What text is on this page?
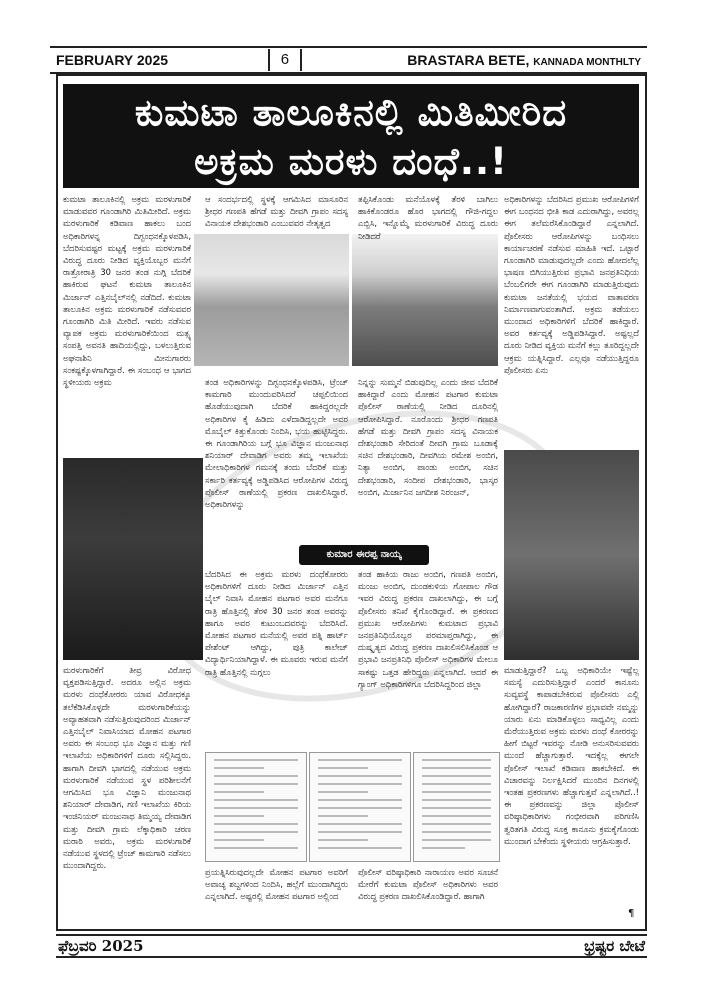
FEBRUARY 2025	6	BRASTARA BETE, KANNADA MONTHLTY
ಕುಮಟಾ ತಾಲೂಕಿನಲ್ಲಿ ಮಿತಿಮೀರಿದ
ಅಕ್ರಮ ಮರಳು ದಂಧೆ..!

ಕುಮಟಾ ತಾಲೂಕಿನಲ್ಲಿ ಅಕ್ರಮ ಮರಳುಗಾರಿಕೆ ಮಾಡುವವರ ಗೂಂಡಾಗಿರಿ ಮಿತಿಮೀರಿದೆ. ಅಕ್ರಮ ಮರಳುಗಾರಿಕೆ ಕಡಿವಾಣ ಹಾಕಲು ಬಂದ ಅಧಿಕಾರಿಗಳನ್ನ ದಿಗ್ಬಂಧನಕ್ಕೊಳಪಡಿಸಿ, ಬೆದರಿಸುವಷ್ಟರ ಮಟ್ಟಕ್ಕೆ ಅಕ್ರಮ ಮರಳುಗಾರಿಕೆ ವಿರುದ್ಧ ದೂರು ನೀಡಿದ ವ್ಯಕ್ತಿಯೊಬ್ಬರ ಮನೆಗೆ ರಾತ್ರೋರಾತ್ರಿ 30 ಜನರ ತಂಡ ನುಗ್ಗಿ ಬೆದರಿಕೆ ಹಾಕಿರುವ ಘಟನೆ ಕುಮಟಾ ತಾಲೂಕಿನ ಮಿರ್ಜಾನ್ ಎತ್ತಿನಬೈಲ್‌ನಲ್ಲಿ ನಡೆದಿದೆ. ಕುಮಟಾ ತಾಲೂಕಿನ ಅಕ್ರಮ ಮರಳುಗಾರಿಕೆ ನಡೆಸುವವರ ಗೂಂಡಾಗಿರಿ ಮಿತಿ ಮೀರಿದೆ. ಇವರು ನಡೆಸುವ ವ್ಯಾಪಕ ಅಕ್ರಮ ಮರಳುಗಾರಿಕೆಯಿಂದ ಮತ್ಸ್ಯ ಸಂಪತ್ತಿ ಅವನತಿ ಹಾದಿಯಲ್ಲಿದ್ದು, ಬಳಲುತ್ತಿರುವ ಅಘನಾಶಿನಿ ಮೀನುಗಾರರು ಸಂಕಷ್ಟಕ್ಕೊಳಗಾಗಿದ್ದಾರೆ. ಈ ಸಂಬಂಧ ಆ ಭಾಗದ ಸ್ಥಳೀಯರು ಅಕ್ರಮ

ಮರಳುಗಾರಿಕೆಗೆ ತೀವ್ರ ವಿರೋಧ ವ್ಯಕ್ತಪಡಿಸುತ್ತಿದ್ದಾರೆ. ಅದರೂ ಅಲ್ಲಿನ ಅಕ್ರಮ ಮರಳು ದಂಧೆಕೋರರು ಯಾವ ವಿರೋಧಕ್ಕೂ ತಲೆಕೆಡಿಸಿಕೊಳ್ಳದೇ ಮರಳುಗಾರಿಕೆಯನ್ನು ಅವ್ಯಾಹತವಾಗಿ ನಡೆಸುತ್ತಿರುವುದರಿಂದ ಮಿರ್ಜಾನ್ ಎತ್ತಿನಬೈಲ್ ನಿವಾಸಿಯಾದ ಮೋಹನ ಪಟಗಾರ ಅವರು ಈ ಸಂಬಂಧ ಭೂ ವಿಜ್ಞಾನ ಮತ್ತು ಗಣಿ ಇಲಾಖೆಯ ಅಧಿಕಾರಿಗಳಿಗೆ ದೂರು ಸಲ್ಲಿಸಿದ್ದರು. ಹಾಗಾಗಿ ದೀವಗಿ ಭಾಗದಲ್ಲಿ ನಡೆಯುವ ಅಕ್ರಮ ಮರಳುಗಾರಿಕೆ ನಡೆಯುವ ಸ್ಥಳ ಪರಿಶೀಲನೆಗೆ ಆಗಮಿಸಿದ ಭೂ ವಿಜ್ಞಾನಿ ಮಂಜುನಾಥ ಶನಿಯಾರ್ ದೇವಾಡಿಗ, ಗಣಿ ಇಲಾಖೆಯ ಕಿರಿಯ ಇಂಜಿನಿಯರ್ ಮಂಜುನಾಥ ತಿಮ್ಮಯ್ಯ ದೇವಾಡಿಗ ಮತ್ತು ದೀವಗಿ ಗ್ರಾಮ ಲೆಕ್ಕಾಧಿಕಾರಿ ಚರಣ ಮರಾಠಿ ಅವರು, ಅಕ್ರಮ ಮರಳುಗಾರಿಕೆ ನಡೆಯುವ ಸ್ಥಳದಲ್ಲಿ ಟ್ರೆಂಚ್ ಕಾಮಗಾರಿ ನಡೆಸಲು ಮುಂದಾಗಿದ್ದರು.

ಆ ಸಂದರ್ಭದಲ್ಲಿ ಸ್ಥಳಕ್ಕೆ ಆಗಮಿಸಿದ ಮಾಸೂರಿನ ಶ್ರೀಧರ ಗಣಪತಿ ಹೆಗಡೆ ಮತ್ತು ದೀವಗಿ ಗ್ರಾಪಂ ಸದಸ್ಯ ವಿನಾಯಕ ದೇಶಭಂಡಾರಿ ಎಂಬುವವರ ನೇತೃತ್ವದ

ತಂಡ ಅಧಿಕಾರಿಗಳನ್ನು ದಿಗ್ಬಂಧನಕ್ಕೊಳಪಡಿಸಿ, ಟ್ರೆಂಚ್ ಕಾಮಗಾರಿ ಮುಂದುವರಿಸಿದರೆ ಚಪ್ಪಲಿಯಿಂದ ಹೊಡೆಯುವುದಾಗಿ ಬೆದರಿಕೆ ಹಾಕಿದ್ದರಲ್ಲದೇ ಅಧಿಕಾರಿಗಳ ಕೈ ಹಿಡಿದು ಎಳೆದಾಡಿದ್ದಲ್ಲದೇ ಅವರ ಮೊಬೈಲ್ ಕಿತ್ತುಕೊಂಡು ನಿಂದಿಸಿ, ಭಯ ಹುಟ್ಟಿಸಿದ್ದರು. ಈ ಗೂಂಡಾಗಿರಿಯ ಬಗ್ಗೆ ಭೂ ವಿಜ್ಞಾನ ಮಂಜುನಾಥ ಶನಿಯಾರ್ ದೇವಾಡಿಗ ಅವರು ತಮ್ಮ ಇಲಾಖೆಯ ಮೇಲಾಧಿಕಾರಿಗಳ ಗಮನಕ್ಕೆ ತಂದು ಬೆದರಿಕೆ ಮತ್ತು ಸರ್ಕಾರಿ ಕರ್ತವ್ಯಕ್ಕೆ ಅಡ್ಡಿಪಡಿಸಿದ ಆರೋಪಿಗಳ ವಿರುದ್ಧ ಪೊಲೀಸ್ ಠಾಣೆಯಲ್ಲಿ ಪ್ರಕರಣ ದಾಖಲಿಸಿದ್ದಾರೆ. ಅಧಿಕಾರಿಗಳನ್ನು

ಬೆದರಿಸಿದ ಈ ಅಕ್ರಮ ಮರಳು ದಂಧೆಕೋರರು ಅಧಿಕಾರಿಗಳಿಗೆ ದೂರು ನೀಡಿದ ಮಿರ್ಜಾನ್ ಎತ್ತಿನ ಬೈಲ್ ನಿವಾಸಿ ಮೋಹನ ಪಟಗಾರ ಅವರ ಮನೆಗೂ ರಾತ್ರಿ ಹೊತ್ತಿನಲ್ಲಿ ತೆರಳಿ 30 ಜನರ ತಂಡ ಅವರನ್ನು ಹಾಗೂ ಅವರ ಕುಟುಂಬದವರನ್ನು ಬೆದರಿಸಿದೆ. ಮೋಹನ ಪಟಗಾರ ಮನೆಯಲ್ಲಿ ಅವರ ಪತ್ನಿ ಹಾರ್ಟ್ ಪೇಶೆಂಟ್ ಆಗಿದ್ದು, ಪುತ್ರಿ ಕಾಲೇಜ್ ವಿದ್ಯಾರ್ಥಿನಿಯಾಗಿದ್ದಾಳೆ. ಈ ಮೂವರು ಇರುವ ಮನೆಗೆ ರಾತ್ರಿ ಹೊತ್ತಿನಲ್ಲಿ ನುಗ್ಗಲು

ತಪ್ಪಿಸಿಕೊಂಡು ಮನೆಯೊಳಕ್ಕೆ ತೆರಳಿ ಬಾಗಿಲು ಹಾಕಿಕೊಂಡರೂ ಹೊರ ಭಾಗದಲ್ಲಿ ಗೌಜಿ-ಗದ್ದಲ ಎಬ್ಬಿಸಿ, ಇನ್ನೊಮ್ಮೆ ಮರಳುಗಾರಿಕೆ ವಿರುದ್ಧ ದೂರು ನೀಡಿದರೆ

ನಿನ್ನನ್ನು ಸುಮ್ಮನೆ ಬಿಡುವುದಿಲ್ಲ ಎಂದು ಜೀವ ಬೆದರಿಕೆ ಹಾಕಿದ್ದಾರೆ ಎಂದು ಮೋಹನ ಪಟಗಾರ ಕುಮಟಾ ಪೊಲೀಸ್ ಠಾಣೆಯಲ್ಲಿ ನೀಡಿದ ದೂರಿನಲ್ಲಿ ಆರೋಪಿಸಿದ್ದಾರೆ. ನೂರೊಂದು ಶ್ರೀಧರ ಗಣಪತಿ ಹೆಗಡೆ ಮತ್ತು ದೀವಗಿ ಗ್ರಾಪಂ ಸದಸ್ಯ ವಿನಾಯಕ ದೇಶಭಂಡಾರಿ ಸೇರಿದಂತೆ ದೀವಗಿ ಗ್ರಾಮ ಬೂಡಾಕ್ಕೆ ಸಚಿನ ದೇಶಭಂಡಾರಿ, ದೀವಗಿಯ ರಮೇಶ ಅಂಬಿಗ, ನಿತ್ಯಾ ಅಂಬಿಗ, ಪಾಂಡು ಅಂಬಿಗ, ಸಚಿನ ದೇಶಭಂಡಾರಿ, ಸಂದೀಪ ದೇಶಭಂಡಾರಿ, ಭಾಸ್ಕರ ಅಂಬಿಗ, ಮಿರ್ಜಾನಿನ ಜಗದೀಶ ನಿರಂಜನ್,

ತಂಡ ಹಾಕಿಯ ರಾಜು ಅಂಬಿಗ, ಗಣಪತಿ ಅಂಬಿಗ, ಮಂಜು ಅಂಬಿಗ, ದುಂಡಕುಳಿಯ ಗೋಪಾಲ ಗೌಡ ಇವರ ವಿರುದ್ಧ ಪ್ರಕರಣ ದಾಖಲಾಗಿದ್ದು, ಈ ಬಗ್ಗೆ ಪೊಲೀಸರು ತನಿಖೆ ಕೈಗೊಂಡಿದ್ದಾರೆ. ಈ ಪ್ರಕರಣದ ಪ್ರಮುಖ ಆರೋಪಿಗಳು ಕುಮಟಾದ ಪ್ರಭಾವಿ ಜನಪ್ರತಿನಿಧಿಯೊಬ್ಬರ ಪರಮಾಪ್ತರಾಗಿದ್ದು, ಈ ದುಷ್ಕೃತ್ಯದ ವಿರುದ್ಧ ಪ್ರಕರಣ ದಾಖಲಿಸಲಿಸಿಕೊಂಡ ಆ ಪ್ರಭಾವಿ ಜನಪ್ರತಿನಿಧಿ ಪೊಲೀಸ್ ಅಧಿಕಾರಿಗಳ ಮೇಲೂ ಸಾಕಷ್ಟು ಒತ್ತಡ ಹೇರಿದ್ದರು ಎನ್ನಲಾಗಿದೆ. ಆದರೆ ಈ ಗ್ಯಾಂಗ್ ಅಧಿಕಾರಿಗಳಿಗೂ ಬೆದರಿಸಿದ್ದರಿಂದ ಜಿಲ್ಲಾ

ಕುಮಾರ ಈರಪ್ಪ ನಾಯ್ಕ

ಅಧಿಕಾರಿಗಳನ್ನು ಬೆದರಿಸಿದ ಪ್ರಮುಖ ಆರೋಪಿಗಳಿಗೆ ಈಗ ಬಂಧನದ ಭೀತಿ ಕಾಡ ಎದುರಾಗಿದ್ದು, ಅವರಲ್ಲ ಈಗ ತಲೆಮರೆಸಿಕೊಂಡಿದ್ದಾರೆ ಎನ್ನಲಾಗಿದೆ. ಪೊಲೀಸರು ಆರೋಪಿಗಳನ್ನು ಬಂಧಿಸಲು ಕಾರ್ಯಾಚರಣೆ ನಡೆಸುವ ಮಾಹಿತಿ ಇದೆ. ಒಟ್ಟಾರೆ ಗೂಂಡಾಗಿರಿ ಮಾಡುವುದಲ್ಲದೇ ಎಂದು ಹೋದಲೆಲ್ಲ ಭಾಷಣ ಬಿಗಿಯುತ್ತಿರುವ ಪ್ರಭಾವಿ ಜನಪ್ರತಿನಿಧಿಯ ಬೆಂಬಲಿಗರೇ ಈಗ ಗೂಂಡಾಗಿರಿ ಮಾಡುತ್ತಿರುವುದು ಕುಮಟಾ ಜನತೆಯಲ್ಲಿ ಭಯದ ವಾತಾವರಣ ನಿರ್ಮಾಣವಾಗುವಂತಾಗಿದೆ. ಅಕ್ರಮ ತಡೆಯಲು ಮುಂದಾದ ಅಧಿಕಾರಿಗಳಿಗೆ ಬೆದರಿಕೆ ಹಾಕಿದ್ದಾರೆ. ಅವರ ಕರ್ತವ್ಯಕ್ಕೆ ಅಡ್ಡಿಪಡಿಸಿದ್ದಾರೆ. ಅಷ್ಟಲ್ಲದೆ ದೂರು ನೀಡಿದ ವ್ಯಕ್ತಿಯ ಮನೆಗೆ ಕಲ್ಲು ತೂರಿದ್ದಲ್ಲದೇ ಆಕ್ರಮ ಯತ್ನಿಸಿದ್ದಾರೆ. ಎಲ್ಲವೂ ನಡೆಯುತ್ತಿದ್ದರೂ ಪೊಲೀಸರು ಏನು

ಮಾಡುತ್ತಿದ್ದಾರೆ? ಒಬ್ಬ ಅಧಿಕಾರಿಯೇ ಇಷ್ಟೆಲ್ಲ ಸಮಸ್ಯೆ ಎದುರಿಸುತ್ತಿದ್ದಾರೆ ಎಂದರೆ ಕಾನೂನು ಸುವ್ಯವಸ್ಥೆ ಕಾಪಾಡಬೇಕಿರುವ ಪೊಲೀಸರು ಎಲ್ಲಿ ಹೋಗಿದ್ದಾರೆ? ರಾಜಕಾರಣಿಗಳ ಪ್ರಭಾವವೇ ನಮ್ಮನ್ನು ಯಾರು ಏನು ಮಾಡಿಕೊಳ್ಳಲು ಸಾಧ್ಯವಿಲ್ಲ ಎಂದು ಮೆರೆಯುತ್ತಿರುವ ಅಕ್ರಮ ಮರಳು ದಂಧೆ ಕೋರರನ್ನು ಹೀಗೆ ಬಿಟ್ಟರೆ ಇವರನ್ನು ನೋಡಿ ಅನುಸರಿಸುವವರು ಮುಂದೆ ಹೆಚ್ಚಾಗುತ್ತಾರೆ. ಇದಕ್ಕೆಲ್ಲ ಈಗಲೇ ಪೊಲೀಸ್ ಇಲಾಖೆ ಕಡಿವಾಣ ಹಾಕಬೇಕಿದೆ. ಈ ವಿಚಾರವನ್ನು ನಿರ್ಲಕ್ಷಿಸಿದರೆ ಮುಂದಿನ ದಿನಗಳಲ್ಲಿ ಇಂತಹ ಪ್ರಕರಣಗಳು ಹೆಚ್ಚಾಗುತ್ತವೆ ಎನ್ನಲಾಗಿದೆ..! ಈ ಪ್ರಕರಣವನ್ನು ಜಿಲ್ಲಾ ಪೊಲೀಸ್ ವರಿಷ್ಠಾಧಿಕಾರಿಗಳು ಗಂಭೀರವಾಗಿ ಪರಿಗಣಿಸಿ ತ್ವರಿತಗತಿ ವಿರುದ್ಧ ಸೂಕ್ತ ಕಾನೂನು ಕ್ರಮಕೈಗೊಂಡು ಮುಂದಾಗ ಬೇಕೆಂದು ಸ್ಥಳೀಯರು ಆಗ್ರಹಿಸುತ್ತಾರೆ.

¶

ಪ್ರಯತ್ನಿಸಿರುವುದಲ್ಲದೇ ಮೋಹನ ಪಟಗಾರ ಅವರಿಗೆ ಅವಾಚ್ಯ ಶಬ್ದಗಳಿಂದ ನಿಂದಿಸಿ, ಹಲ್ಲೆಗೆ ಮುಂದಾಗಿದ್ದರು ಎನ್ನಲಾಗಿದೆ. ಅಷ್ಟರಲ್ಲಿ ಮೋಹನ ಪಟಗಾರ ಅಲ್ಲಿಂದ

ಪೊಲೀಸ್ ವರಿಷ್ಠಾಧಿಕಾರಿ ನಾರಾಯಣ ಅವರ ಸೂಚನೆ ಮೇರೆಗೆ ಕುಮಟಾ ಪೊಲೀಸ್ ಅಧಿಕಾರಿಗಳು ಅವರ ವಿರುದ್ಧ ಪ್ರಕರಣ ದಾಖಲಿಸಿಕೊಂಡಿದ್ದಾರೆ. ಹಾಗಾಗಿ

ಫೆಬ್ರವರಿ 2025	ಭ್ರಷ್ಟರ ಬೇಟೆ
